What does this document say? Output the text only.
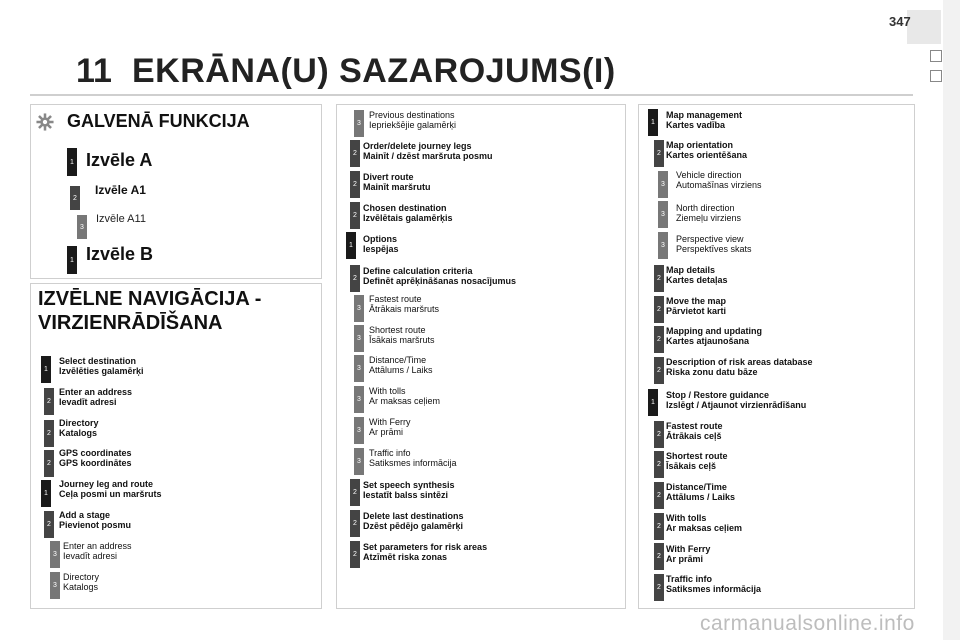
347
11 EKRĀNA(U) SAZAROJUMS(I)
GALVENĀ FUNKCIJA
1 Izvēle A
2
Izvēle A1
3
Izvēle A11
1 Izvēle B
IZVĒLNE NAVIGĀCIJA - VIRZIENRĀDĪŠANA
1
Select destination
Izvēlēties galamērķi
2
Enter an address
Ievadīt adresi
2
Directory
Katalogs
2
GPS coordinates
GPS koordinātes
1
Journey leg and route
Ceļa posmi un maršruts
2
Add a stage
Pievienot posmu
3
Enter an address
Ievadīt adresi
3
Directory
Katalogs
3
Previous destinations
Iepriekšējie galamērķi
2
Order/delete journey legs
Mainīt / dzēst maršruta posmu
2
Divert route
Mainīt maršrutu
2
Chosen destination
Izvēlētais galamērķis
1
Options
Iespējas
2
Define calculation criteria
Definēt aprēķināšanas nosacījumus
3
Fastest route
Ātrākais maršruts
3
Shortest route
Īsākais maršruts
3
Distance/Time
Attālums / Laiks
3
With tolls
Ar maksas ceļiem
3
With Ferry
Ar prāmi
3
Traffic info
Satiksmes informācija
2
Set speech synthesis
Iestatīt balss sintēzi
2
Delete last destinations
Dzēst pēdējo galamērķi
2
Set parameters for risk areas
Atzīmēt riska zonas
1
Map management
Kartes vadība
2
Map orientation
Kartes orientēšana
3
Vehicle direction
Automašīnas virziens
3
North direction
Ziemeļu virziens
3
Perspective view
Perspektīves skats
2
Map details
Kartes detaļas
2
Move the map
Pārvietot karti
2
Mapping and updating
Kartes atjaunošana
2
Description of risk areas database
Riska zonu datu bāze
1
Stop / Restore guidance
Izslēgt / Atjaunot virzienrādīšanu
2
Fastest route
Ātrākais ceļš
2
Shortest route
Īsākais ceļš
2
Distance/Time
Attālums / Laiks
2
With tolls
Ar maksas ceļiem
2
With Ferry
Ar prāmi
2
Traffic info
Satiksmes informācija
carmanualsonline.info
